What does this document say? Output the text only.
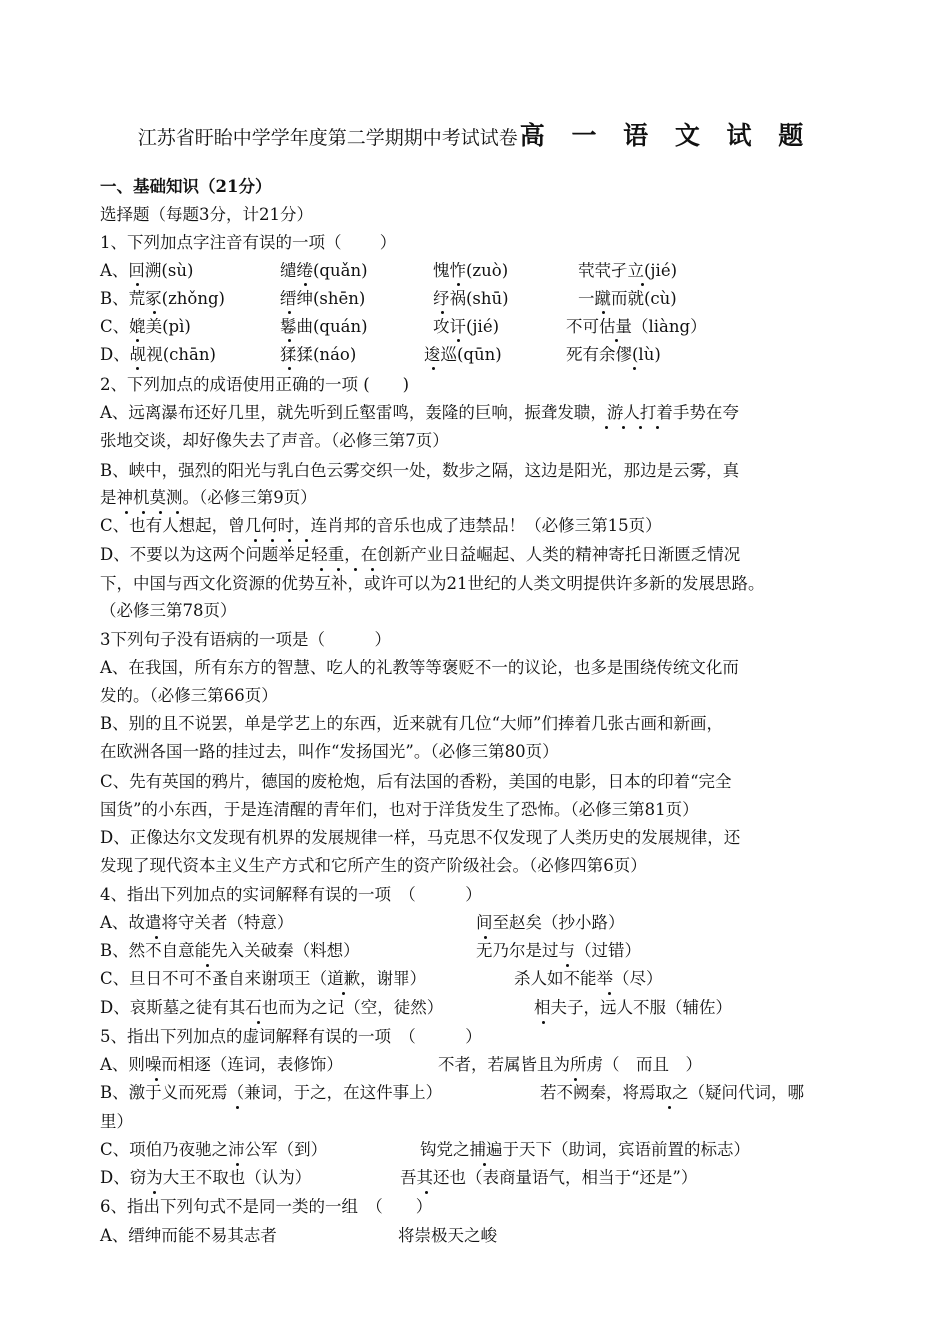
江苏省盱眙中学学年度第二学期期中考试试卷高 一 语 文 试 题
一、基础知识（21分）
选择题（每题3分，计21分）
1、下列加点字注音有误的一项（　　 ）
A、回溯(sù)	缱绻(quǎn)	愧怍(zuò)	茕茕孑立(jié)
B、荒冢(zhǒng)	缙绅(shēn)	纾祸(shū)	一蹴而就(cù)
C、媲美(pì)	鬈曲(quán)	攻讦(jié)	不可估量（liàng）
D、觇视(chān)	猱猱(náo)	逡巡(qūn)	死有余僇(lù)
2、下列加点的成语使用正确的一项 (　　)
A、远离瀑布还好几里，就先听到丘壑雷鸣，轰隆的巨响，振聋发聩，游人打着手势在夸
张地交谈，却好像失去了声音。（必修三第7页）
B、峡中，强烈的阳光与乳白色云雾交织一处，数步之隔，这边是阳光，那边是云雾，真
是神机莫测。（必修三第9页）
C、也有人想起，曾几何时，连肖邦的音乐也成了违禁品！（必修三第15页）
D、不要以为这两个问题举足轻重，在创新产业日益崛起、人类的精神寄托日渐匮乏情况
下，中国与西文化资源的优势互补，或许可以为21世纪的人类文明提供许多新的发展思路。
（必修三第78页）
3下列句子没有语病的一项是（　　　）
A、在我国，所有东方的智慧、吃人的礼教等等褒贬不一的议论，也多是围绕传统文化而
发的。（必修三第66页）
B、别的且不说罢，单是学艺上的东西，近来就有几位“大师”们捧着几张古画和新画，
在欧洲各国一路的挂过去，叫作“发扬国光”。（必修三第80页）
C、先有英国的鸦片，德国的废枪炮，后有法国的香粉，美国的电影，日本的印着“完全
国货”的小东西，于是连清醒的青年们，也对于洋货发生了恐怖。（必修三第81页）
D、正像达尔文发现有机界的发展规律一样，马克思不仅发现了人类历史的发展规律，还
发现了现代资本主义生产方式和它所产生的资产阶级社会。（必修四第6页）
4、指出下列加点的实词解释有误的一项　（　　　）
A、故遣将守关者（特意）	间至赵矣（抄小路）
B、然不自意能先入关破秦（料想）	无乃尔是过与（过错）
C、旦日不可不蚤自来谢项王（道歉，谢罪）	杀人如不能举（尽）
D、哀斯墓之徒有其石也而为之记（空，徒然）	相夫子，远人不服（辅佐）
5、指出下列加点的虚词解释有误的一项　（　　　）
A、则噪而相逐（连词，表修饰）	不者，若属皆且为所虏（　而且　）
B、激于义而死焉（兼词，于之，在这件事上）	若不阙秦，将焉取之（疑问代词，哪
里）
C、项伯乃夜驰之沛公军（到）	钩党之捕遍于天下（助词，宾语前置的标志）
D、窃为大王不取也（认为）	吾其还也（表商量语气，相当于“还是”）
6、指出下列句式不是同一类的一组　（　　）
A、缙绅而能不易其志者	将崇极天之峻
